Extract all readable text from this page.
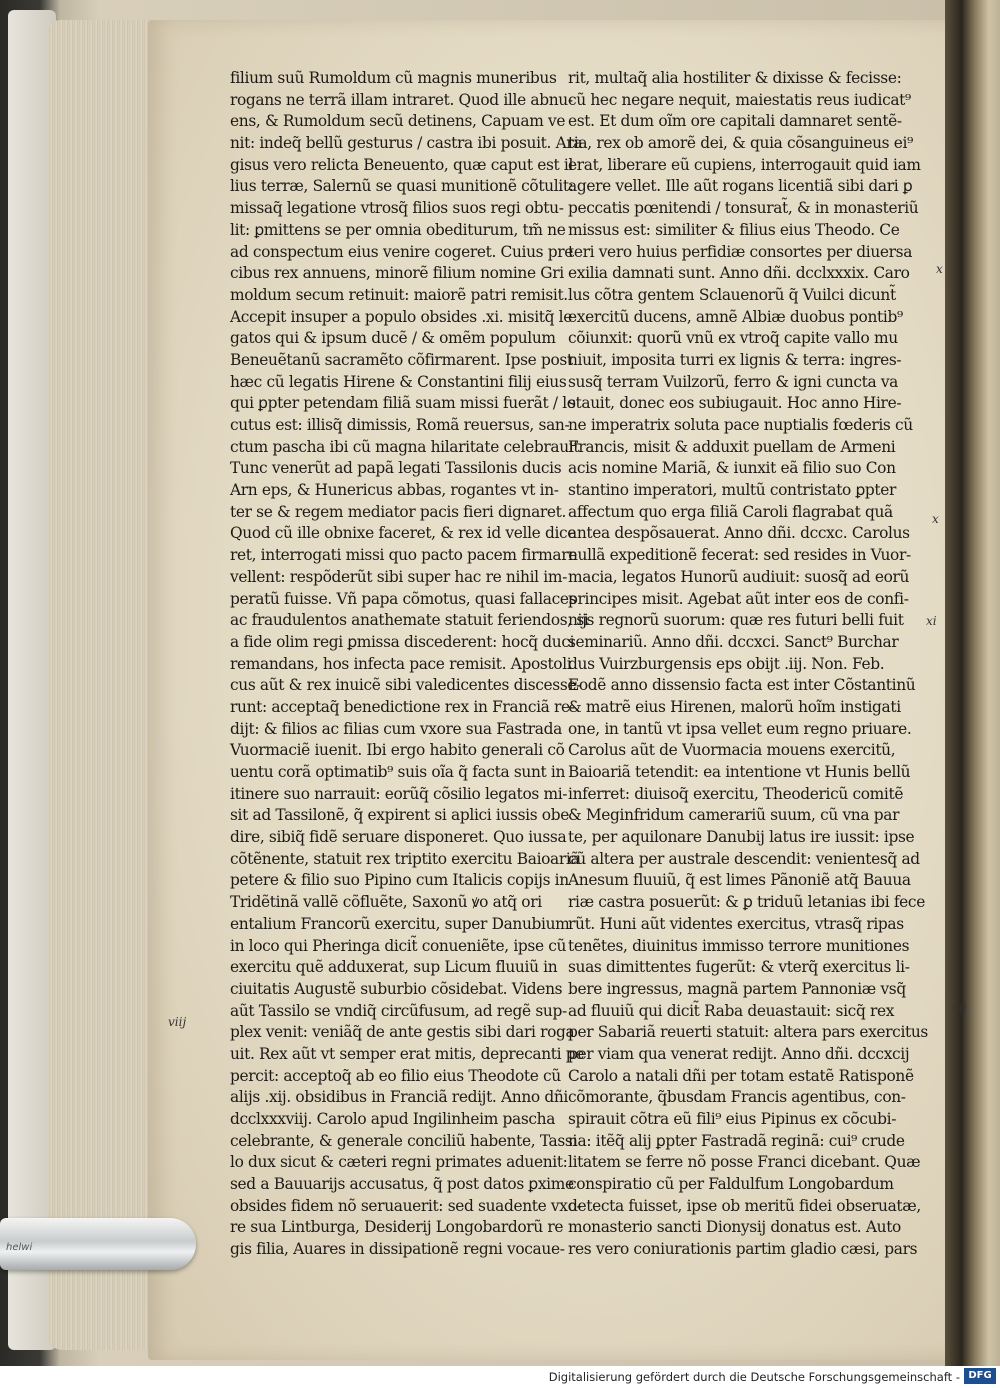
filium suũ Rumoldum cũ magnis muneribus
rogans ne terrã illam intraret. Quod ille abnu-
ens, & Rumoldum secũ detinens, Capuam ve
nit: indeq̃ bellũ gesturus / castra ibi posuit. Ara
gisus vero relicta Beneuento, quæ caput est il
lius terræ, Salernũ se quasi munitionẽ cõtulit:
missaq̃ legatione vtrosq̃ filios suos regi obtu-
lit: ꝑmittens se per omnia obediturum, tm̃ ne
ad conspectum eius venire cogeret. Cuius pre
cibus rex annuens, minorẽ filium nomine Gri
moldum secum retinuit: maiorẽ patri remisit.
Accepit insuper a populo obsides .xi. misitq̃ le
gatos qui & ipsum ducẽ / & omẽm populum
Beneuẽtanũ sacramẽto cõfirmarent. Ipse post
hæc cũ legatis Hirene & Constantini filij eius
qui ꝑpter petendam filiã suam missi fuerãt / lo
cutus est: illisq̃ dimissis, Romã reuersus, san-
ctum pascha ibi cũ magna hilaritate celebrauit
Tunc venerũt ad papã legati Tassilonis ducis
Arn eps, & Hunericus abbas, rogantes vt in-
ter se & regem mediator pacis fieri dignaret.
Quod cũ ille obnixe faceret, & rex id velle dice
ret, interrogati missi quo pacto pacem firmare
vellent: respõderũt sibi super hac re nihil im-
peratũ fuisse. Vñ papa cõmotus, quasi fallaces
ac fraudulentos anathemate statuit feriendos, si
a fide olim regi ꝑmissa discederent: hocq̃ duci
remandans, hos infecta pace remisit. Apostoli
cus aũt & rex inuicẽ sibi valedicentes discesse-
runt: acceptaq̃ benedictione rex in Franciã re-
dijt: & filios ac filias cum vxore sua Fastrada
Vuormaciẽ iuenit. Ibi ergo habito generali cõ
uentu corã optimatib⁹ suis oĩa q̃ facta sunt in
itinere suo narrauit: eorũq̃ cõsilio legatos mi-
sit ad Tassilonẽ, q̃ expirent si aplici iussis obe
dire, sibiq̃ fidẽ seruare disponeret. Quo iussa
cõtẽnente, statuit rex triptito exercitu Baioariã
petere & filio suo Pipino cum Italicis copijs in
Tridẽtinã vallẽ cõfluẽte, Saxonũ ꝟo atq̃ ori
entalium Francorũ exercitu, super Danubium
in loco qui Pheringa dicit̃ conueniẽte, ipse cũ
exercitu quẽ adduxerat, sup Licum fluuiũ in
ciuitatis Augustẽ suburbio cõsidebat. Videns
aũt Tassilo se vndiq̃ circũfusum, ad regẽ sup-
plex venit: veniãq̃ de ante gestis sibi dari roga
uit. Rex aũt vt semper erat mitis, deprecanti pe
percit: acceptoq̃ ab eo filio eius Theodote cũ
alijs .xij. obsidibus in Franciã redijt. Anno dñi
dcclxxxviij. Carolo apud Ingilinheim pascha
celebrante, & generale conciliũ habente, Tassi
lo dux sicut & cæteri regni primates aduenit:
sed a Bauuarijs accusatus, q̃ post datos ꝑxime
obsides fidem nõ seruauerit: sed suadente vxo-
re sua Lintburga, Desiderij Longobardorũ re
gis filia, Auares in dissipationẽ regni vocaue-
rit, multaq̃ alia hostiliter & dixisse & fecisse:
cũ hec negare nequit, maiestatis reus iudicat⁹
est. Et dum oĩm ore capitali damnaret sentẽ-
tia, rex ob amorẽ dei, & quia cõsanguineus ei⁹
erat, liberare eũ cupiens, interrogauit quid iam
agere vellet. Ille aũt rogans licentiã sibi dari ꝑ
peccatis pœnitendi / tonsurat̃, & in monasteriũ
missus est: similiter & filius eius Theodo. Ce
teri vero huius perfidiæ consortes per diuersa
exilia damnati sunt. Anno dñi. dcclxxxix. Caro
lus cõtra gentem Sclauenorũ q̃ Vuilci dicunt̃
exercitũ ducens, amnẽ Albiæ duobus pontib⁹
cõiunxit: quorũ vnũ ex vtroq̃ capite vallo mu
niuit, imposita turri ex lignis & terra: ingres-
susq̃ terram Vuilzorũ, ferro & igni cuncta va
stauit, donec eos subiugauit. Hoc anno Hire-
ne imperatrix soluta pace nuptialis fœderis cũ
Francis, misit & adduxit puellam de Armeni
acis nomine Mariã, & iunxit eã filio suo Con
stantino imperatori, multũ contristato ꝑpter
affectum quo erga filiã Caroli flagrabat quã
antea despõsauerat. Anno dñi. dccxc. Carolus
nullã expeditionẽ fecerat: sed resides in Vuor-
macia, legatos Hunorũ audiuit: suosq̃ ad eorũ
principes misit. Agebat aũt inter eos de confi-
nijs regnorũ suorum: quæ res futuri belli fuit
seminariũ. Anno dñi. dccxci. Sanct⁹ Burchar
dus Vuirzburgensis eps obijt .iij. Non. Feb.
Eodẽ anno dissensio facta est inter Cõstantinũ
& matrẽ eius Hirenen, malorũ hoĩm instigati
one, in tantũ vt ipsa vellet eum regno priuare.
Carolus aũt de Vuormacia mouens exercitũ,
Baioariã tetendit: ea intentione vt Hunis bellũ
inferret: diuisoq̃ exercitu, Theodericũ comitẽ
& Meginfridum camerariũ suum, cũ vna par
te, per aquilonare Danubij latus ire iussit: ipse
cũ altera per australe descendit: venientesq̃ ad
Anesum fluuiũ, q̃ est limes Pãnoniẽ atq̃ Bauua
riæ castra posuerũt: & ꝑ triduũ letanias ibi fece
rũt. Huni aũt videntes exercitus, vtrasq̃ ripas
tenẽtes, diuinitus immisso terrore munitiones
suas dimittentes fugerũt: & vterq̃ exercitus li-
bere ingressus, magnã partem Pannoniæ vsq̃
ad fluuiũ qui dicit̃ Raba deuastauit: sicq̃ rex
per Sabariã reuerti statuit: altera pars exercitus
per viam qua venerat redijt. Anno dñi. dccxcij
Carolo a natali dñi per totam estatẽ Ratisponẽ
cõmorante, q̃busdam Francis agentibus, con-
spirauit cõtra eũ fili⁹ eius Pipinus ex cõcubi-
na: itẽq̃ alij ꝑpter Fastradã reginã: cui⁹ crude
litatem se ferre nõ posse Franci dicebant. Quæ
conspiratio cũ per Faldulfum Longobardum
detecta fuisset, ipse ob meritũ fidei obseruatæ,
monasterio sancti Dionysij donatus est. Auto
res vero coniurationis partim gladio cæsi, pars
viij
xij
x
x
xi
helwi
Digitalisierung gefördert durch die Deutsche Forschungsgemeinschaft - DFG
